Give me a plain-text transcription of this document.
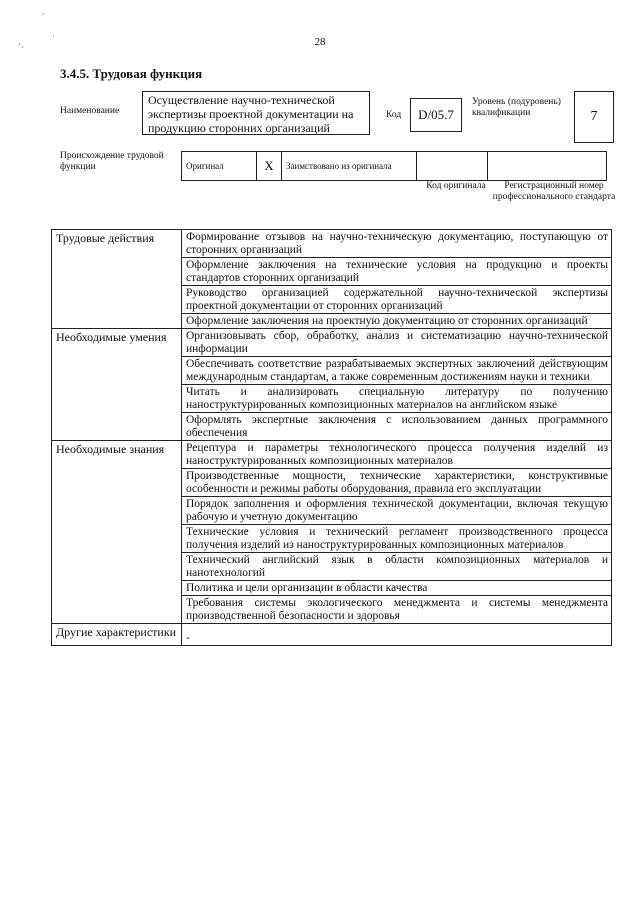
ˋ
˴ˎ	˙	28
3.4.5. Трудовая функция
Наименование
Осуществление научно-технической экспертизы проектной документации на продукцию сторонних организаций
Код	D/05.7
Уровень (подуровень) квалификации	7
Происхождение трудовой функции	Оригинал	X	Заимствовано из оригинала		
Код оригинала	Регистрационный номер профессионального стандарта
Трудовые действия	Формирование отзывов на научно-техническую документацию, поступающую от сторонних организаций
	Оформление заключения на технические условия на продукцию и проекты стандартов сторонних организаций
	Руководство организацией содержательной научно-технической экспертизы проектной документации от сторонних организаций
	Оформление заключения на проектную документацию от сторонних организаций
Необходимые умения	Организовывать сбор, обработку, анализ и систематизацию научно-технической информации
	Обеспечивать соответствие разрабатываемых экспертных заключений действующим международным стандартам, а также современным достижениям науки и техники
	Читать и анализировать специальную литературу по получению наноструктурированных композиционных материалов на английском языке
	Оформлять экспертные заключения с использованием данных программного обеспечения
Необходимые знания	Рецептура и параметры технологического процесса получения изделий из наноструктурированных композиционных материалов
	Производственные мощности, технические характеристики, конструктивные особенности и режимы работы оборудования, правила его эксплуатации
	Порядок заполнения и оформления технической документации, включая текущую рабочую и учетную документацию
	Технические условия и технический регламент производственного процесса получения изделий из наноструктурированных композиционных материалов
	Технический английский язык в области композиционных материалов и нанотехнологий
	Политика и цели организации в области качества
	Требования системы экологического менеджмента и системы менеджмента производственной безопасности и здоровья
Другие характеристики	-
